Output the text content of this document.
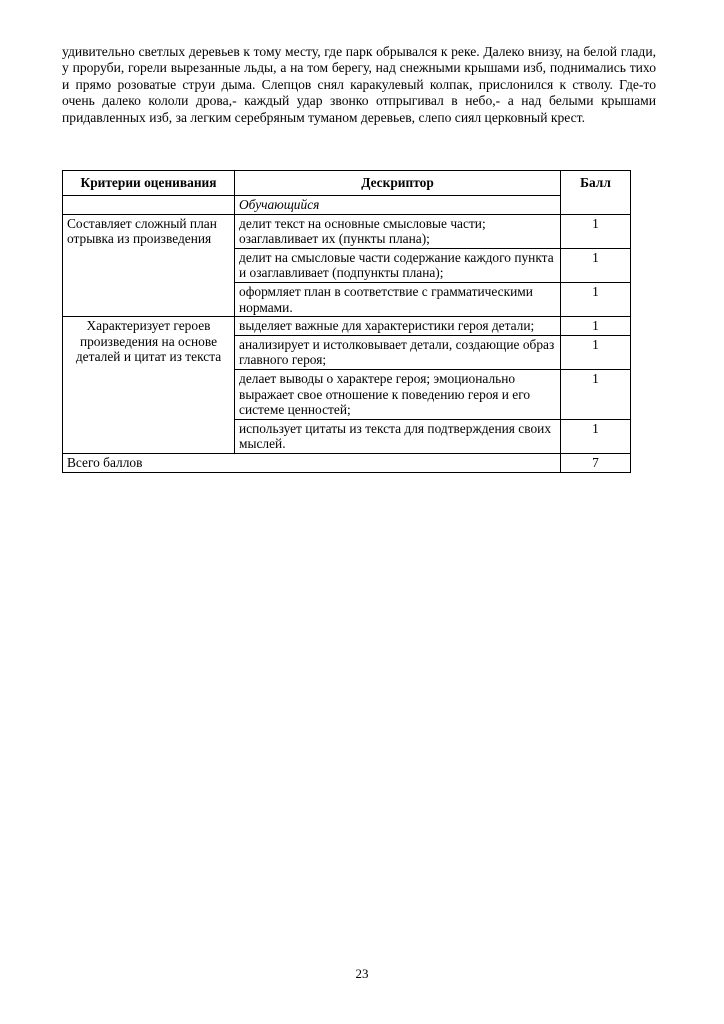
удивительно светлых деревьев к тому месту, где парк обрывался к реке. Далеко внизу, на белой глади, у проруби, горели вырезанные льды, а на том берегу, над снежными крышами изб, поднимались тихо и прямо розоватые струи дыма. Слепцов снял каракулевый колпак, прислонился к стволу. Где-то очень далеко кололи дрова,- каждый удар звонко отпрыгивал в небо,- а над белыми крышами придавленных изб, за легким серебряным туманом деревьев, слепо сиял церковный крест.

Критерии оценивания	Дескриптор	Балл
	Обучающийся	
Составляет сложный план отрывка из произведения	делит текст на основные смысловые части; озаглавливает их (пункты плана);	1
	делит на смысловые части содержание каждого пункта и озаглавливает (подпункты плана);	1
	оформляет план в соответствие с грамматическими нормами.	1
Характеризует героев произведения на основе деталей и цитат из текста	выделяет важные для характеристики героя детали;	1
	анализирует и истолковывает детали, создающие образ главного героя;	1
	делает выводы о характере героя; эмоционально выражает свое отношение к поведению героя и его системе ценностей;	1
	использует цитаты из текста для подтверждения своих мыслей.	1
Всего баллов		7
23
